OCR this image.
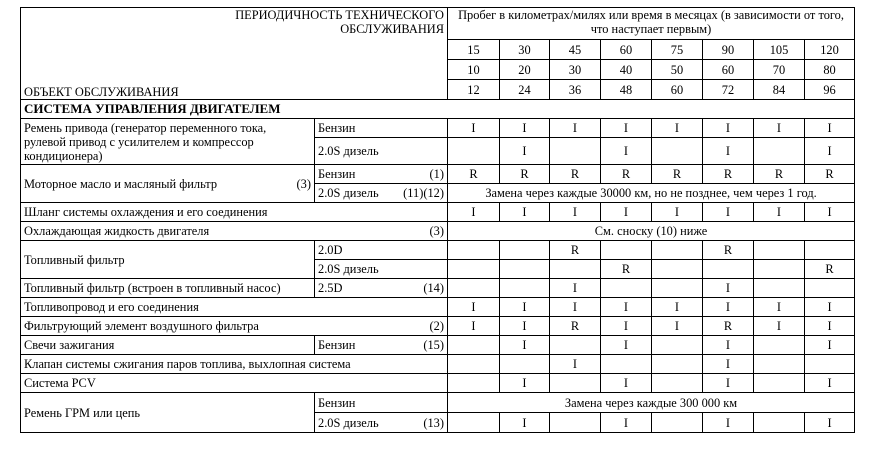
ПЕРИОДИЧНОСТЬ ТЕХНИЧЕСКОГО
ОБСЛУЖИВАНИЯ		Пробег в километрах/милях или время в месяцах (в зависимости от того, что наступает первым)							
		15	30	45	60	75	90	105	120
		10	20	30	40	50	60	70	80
ОБЪЕКТ ОБСЛУЖИВАНИЯ		12	24	36	48	60	72	84	96
СИСТЕМА УПРАВЛЕНИЯ ДВИГАТЕЛЕМ									
Ремень привода (генератор переменного тока, рулевой привод с усилителем и компрессор кондиционера)	Бензин	I	I	I	I	I	I	I	I
	2.0S дизель		I		I		I		I

Моторное масло и масляный фильтр (3)	Бензин (1)	R	R	R	R	R	R	R	R

	2.0S дизель (11)(12)	Замена через каждые 30000 км, но не позднее, чем через 1 год.							
Шланг системы охлаждения и его соединения		I	I	I	I	I	I	I	I

Охлаждающая жидкость двигателя (3)		См. сноску (10) ниже							
Топливный фильтр	2.0D			R			R		
	2.0S дизель				R				R
Топливный фильтр (встроен в топливный насос)	2.5D (14)			I			I		
Топливопровод и его соединения		I	I	I	I	I	I	I	I

Фильтрующий элемент воздушного фильтра (2)		I	I	R	I	I	R	I	I
Свечи зажигания	Бензин (15)		I		I		I		I
Клапан системы сжигания паров топлива, выхлопная система				I			I		
Система PCV			I		I		I		I
Ремень ГРМ или цепь	Бензин	Замена через каждые 300 000 км							

	2.0S дизель (13)		I		I		I		I
